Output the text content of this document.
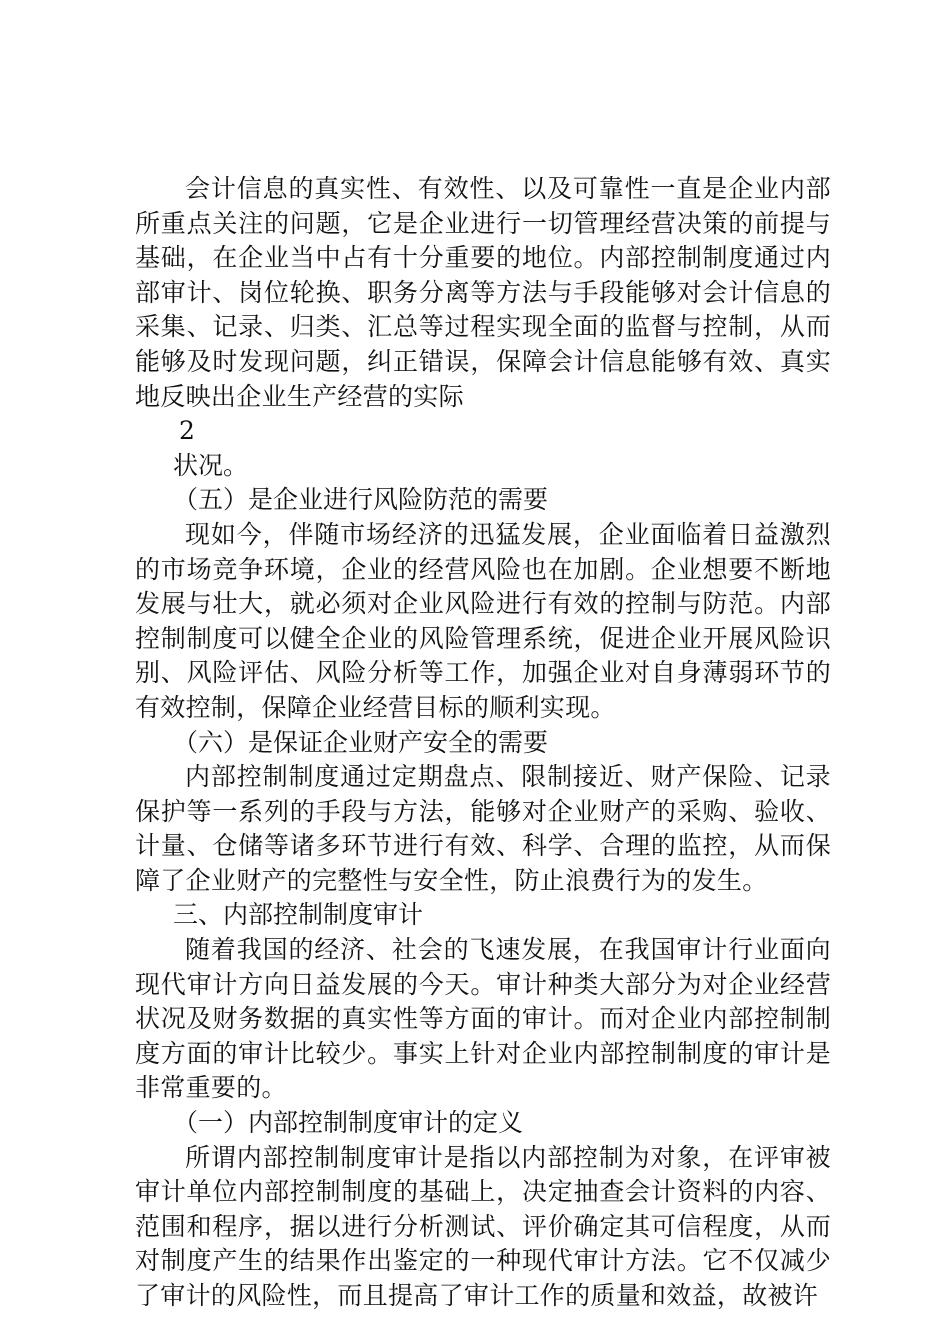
会计信息的真实性、有效性、以及可靠性一直是企业内部所重点关注的问题，它是企业进行一切管理经营决策的前提与基础，在企业当中占有十分重要的地位。内部控制制度通过内部审计、岗位轮换、职务分离等方法与手段能够对会计信息的采集、记录、归类、汇总等过程实现全面的监督与控制，从而能够及时发现问题，纠正错误，保障会计信息能够有效、真实地反映出企业生产经营的实际

2

状况。

（五）是企业进行风险防范的需要

现如今，伴随市场经济的迅猛发展，企业面临着日益激烈的市场竞争环境，企业的经营风险也在加剧。企业想要不断地发展与壮大，就必须对企业风险进行有效的控制与防范。内部控制制度可以健全企业的风险管理系统，促进企业开展风险识别、风险评估、风险分析等工作，加强企业对自身薄弱环节的有效控制，保障企业经营目标的顺利实现。

（六）是保证企业财产安全的需要

内部控制制度通过定期盘点、限制接近、财产保险、记录保护等一系列的手段与方法，能够对企业财产的采购、验收、计量、仓储等诸多环节进行有效、科学、合理的监控，从而保障了企业财产的完整性与安全性，防止浪费行为的发生。

三、内部控制制度审计

随着我国的经济、社会的飞速发展，在我国审计行业面向现代审计方向日益发展的今天。审计种类大部分为对企业经营状况及财务数据的真实性等方面的审计。而对企业内部控制制度方面的审计比较少。事实上针对企业内部控制制度的审计是非常重要的。

（一）内部控制制度审计的定义

所谓内部控制制度审计是指以内部控制为对象，在评审被审计单位内部控制制度的基础上，决定抽查会计资料的内容、范围和程序，据以进行分析测试、评价确定其可信程度，从而对制度产生的结果作出鉴定的一种现代审计方法。它不仅减少了审计的风险性，而且提高了审计工作的质量和效益，故被许
